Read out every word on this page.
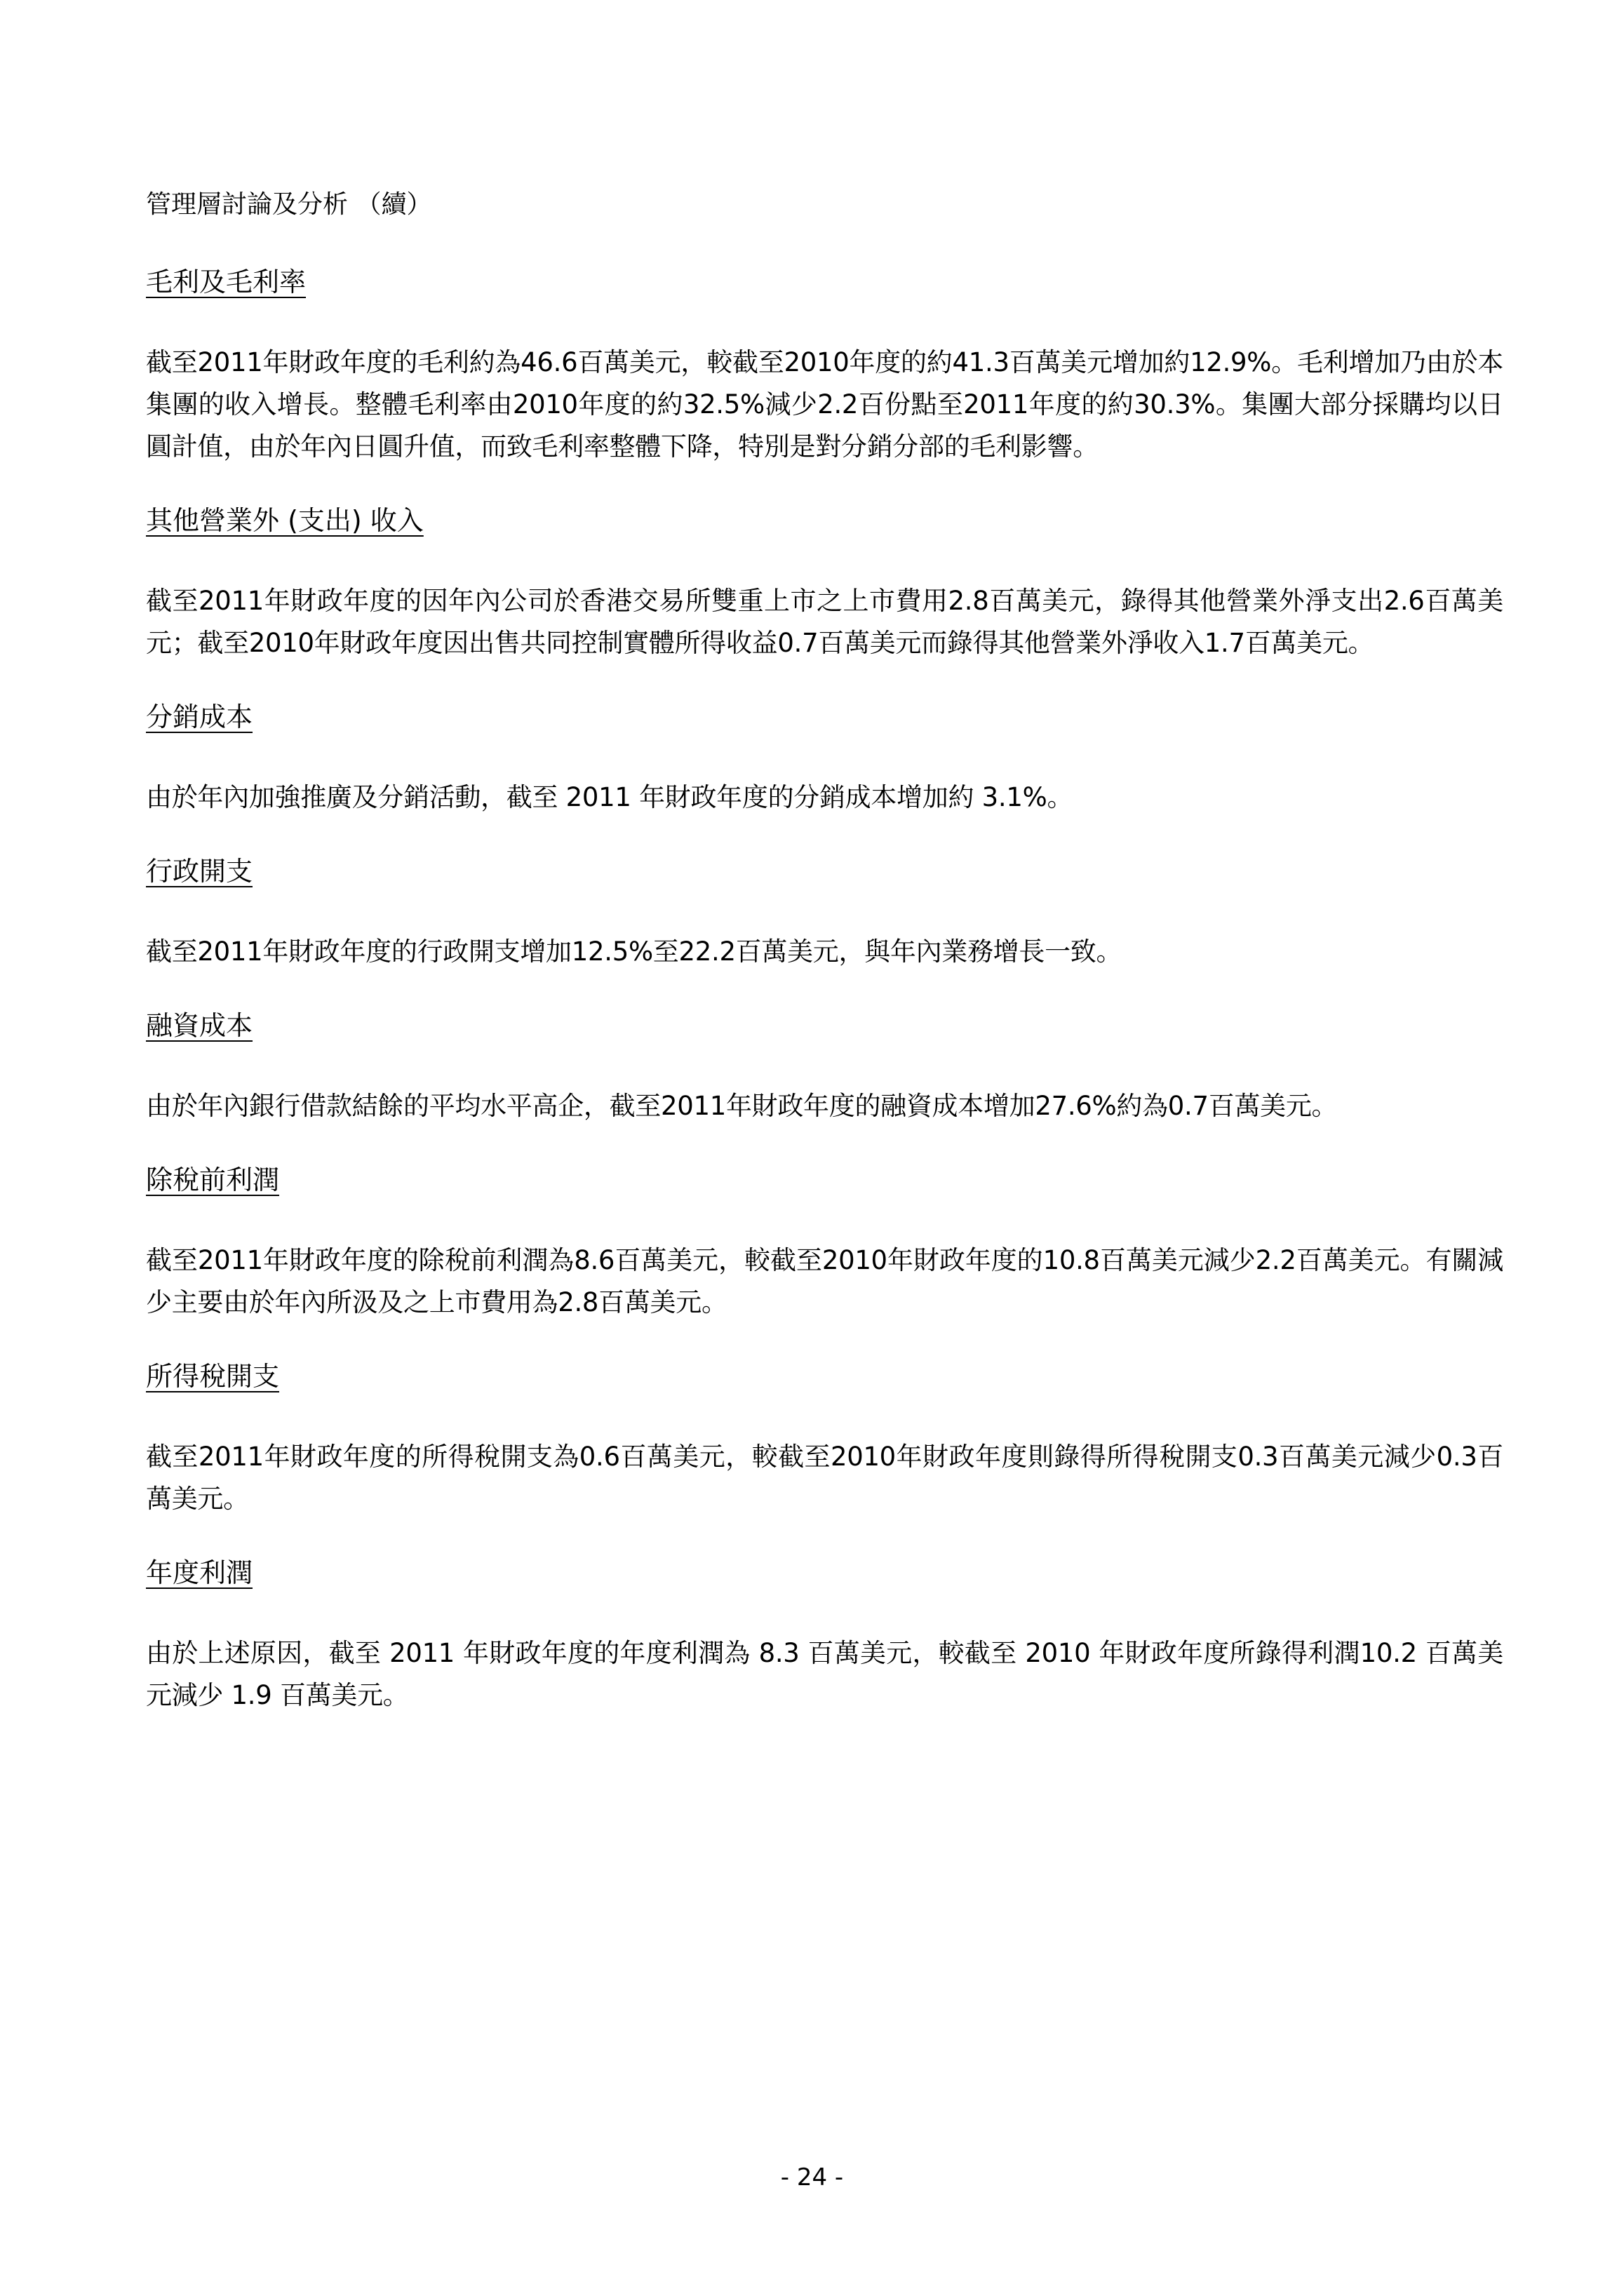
管理層討論及分析 （續）
毛利及毛利率

截至2011年財政年度的毛利約為46.6百萬美元，較截至2010年度的約41.3百萬美元增加約12.9%。毛利增加乃由於本集團的收入增長。整體毛利率由2010年度的約32.5%減少2.2百份點至2011年度的約30.3%。集團大部分採購均以日圓計值，由於年內日圓升值，而致毛利率整體下降，特別是對分銷分部的毛利影響。

其他營業外 (支出) 收入

截至2011年財政年度的因年內公司於香港交易所雙重上市之上市費用2.8百萬美元，錄得其他營業外淨支出2.6百萬美元；截至2010年財政年度因出售共同控制實體所得收益0.7百萬美元而錄得其他營業外淨收入1.7百萬美元。

分銷成本

由於年內加強推廣及分銷活動，截至 2011 年財政年度的分銷成本增加約 3.1%。

行政開支

截至2011年財政年度的行政開支增加12.5%至22.2百萬美元，與年內業務增長一致。

融資成本

由於年內銀行借款結餘的平均水平高企，截至2011年財政年度的融資成本增加27.6%約為0.7百萬美元。

除稅前利潤

截至2011年財政年度的除稅前利潤為8.6百萬美元，較截至2010年財政年度的10.8百萬美元減少2.2百萬美元。有關減少主要由於年內所汲及之上市費用為2.8百萬美元。

所得稅開支

截至2011年財政年度的所得稅開支為0.6百萬美元，較截至2010年財政年度則錄得所得稅開支0.3百萬美元減少0.3百萬美元。

年度利潤

由於上述原因，截至 2011 年財政年度的年度利潤為 8.3 百萬美元，較截至 2010 年財政年度所錄得利潤10.2 百萬美元減少 1.9 百萬美元。

- 24 -
